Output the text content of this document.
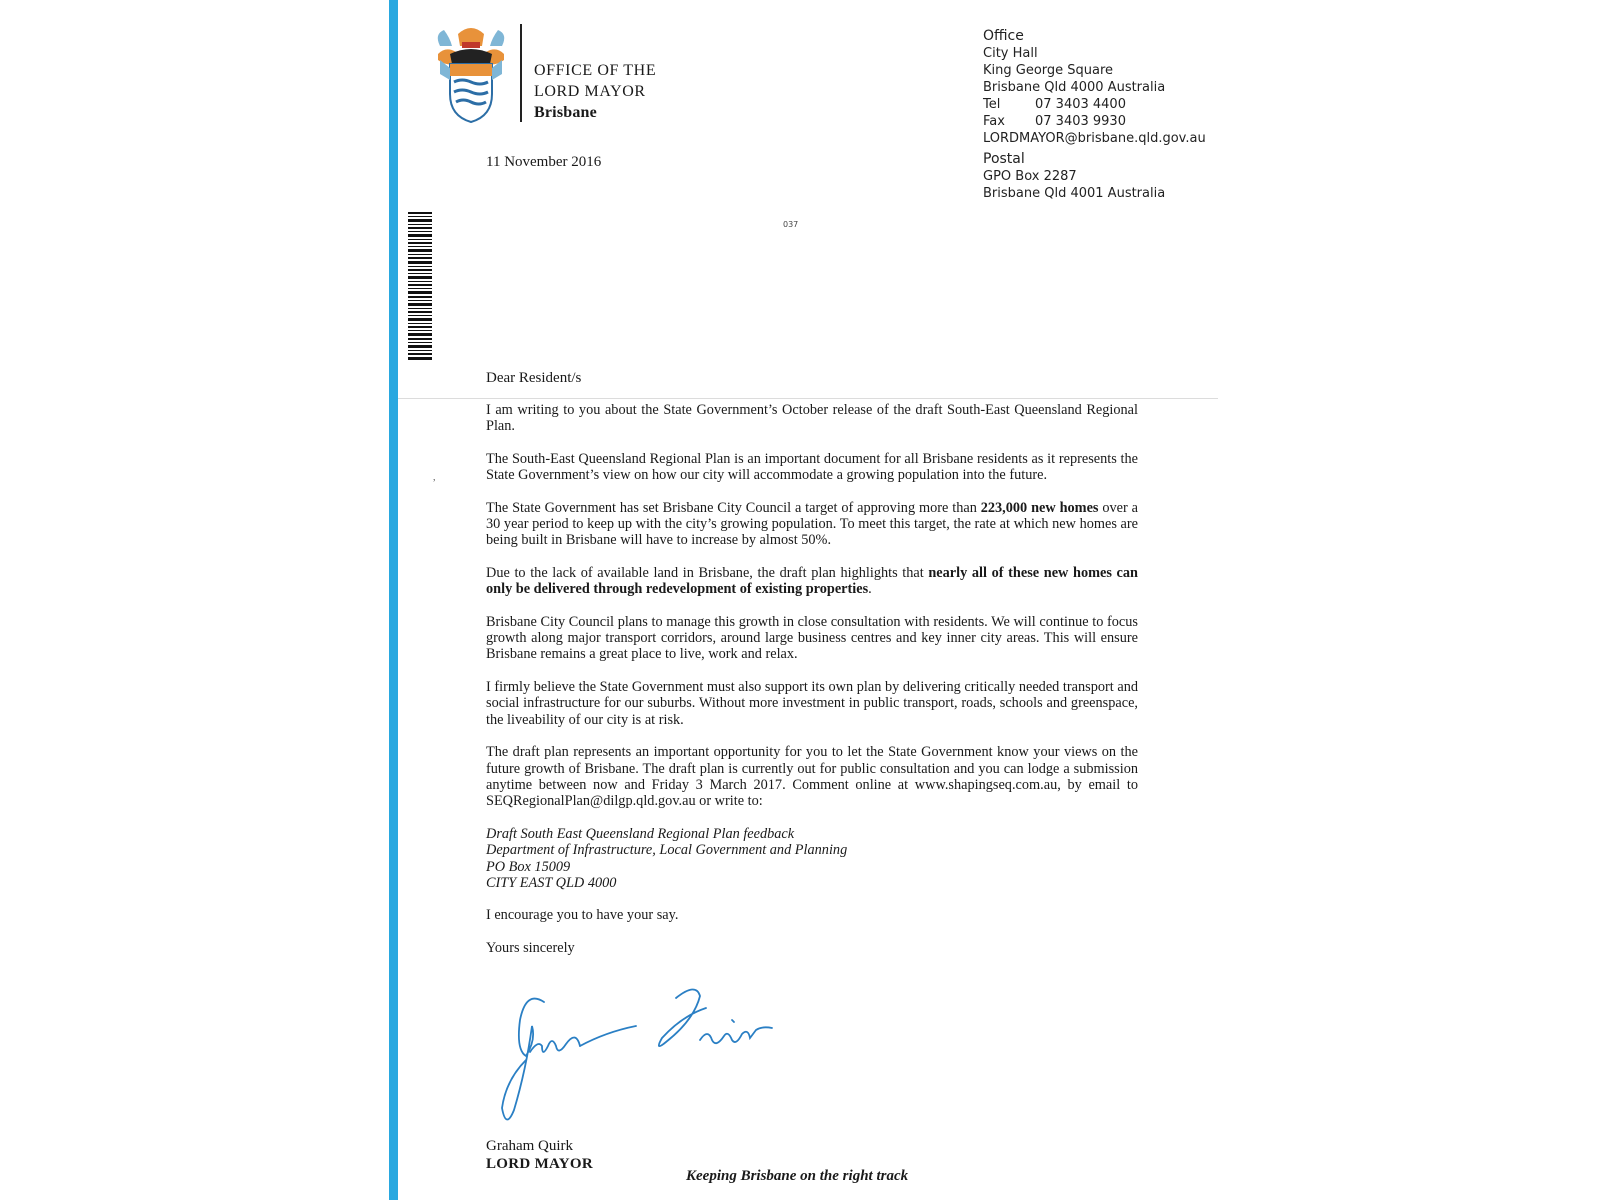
OFFICE OF THE
LORD MAYOR
Brisbane
Office
City Hall
King George Square
Brisbane Qld 4000 Australia
Tel	07 3403 4400
Fax 07 3403 9930
LORDMAYOR@brisbane.qld.gov.au
Postal
GPO Box 2287
Brisbane Qld 4001 Australia
11 November 2016
037
,
Dear Resident/s

I am writing to you about the State Government’s October release of the draft South-East Queensland Regional Plan.

The South-East Queensland Regional Plan is an important document for all Brisbane residents as it represents the State Government’s view on how our city will accommodate a growing population into the future.

The State Government has set Brisbane City Council a target of approving more than 223,000 new homes over a 30 year period to keep up with the city’s growing population. To meet this target, the rate at which new homes are being built in Brisbane will have to increase by almost 50%.

Due to the lack of available land in Brisbane, the draft plan highlights that nearly all of these new homes can only be delivered through redevelopment of existing properties.

Brisbane City Council plans to manage this growth in close consultation with residents. We will continue to focus growth along major transport corridors, around large business centres and key inner city areas. This will ensure Brisbane remains a great place to live, work and relax.

I firmly believe the State Government must also support its own plan by delivering critically needed transport and social infrastructure for our suburbs. Without more investment in public transport, roads, schools and greenspace, the liveability of our city is at risk.

The draft plan represents an important opportunity for you to let the State Government know your views on the future growth of Brisbane. The draft plan is currently out for public consultation and you can lodge a submission anytime between now and Friday 3 March 2017. Comment online at www.shapingseq.com.au, by email to SEQRegionalPlan@dilgp.qld.gov.au or write to:

Draft South East Queensland Regional Plan feedback
Department of Infrastructure, Local Government and Planning
PO Box 15009
CITY EAST QLD 4000

I encourage you to have your say.

Yours sincerely

Graham Quirk
LORD MAYOR
Keeping Brisbane on the right track
